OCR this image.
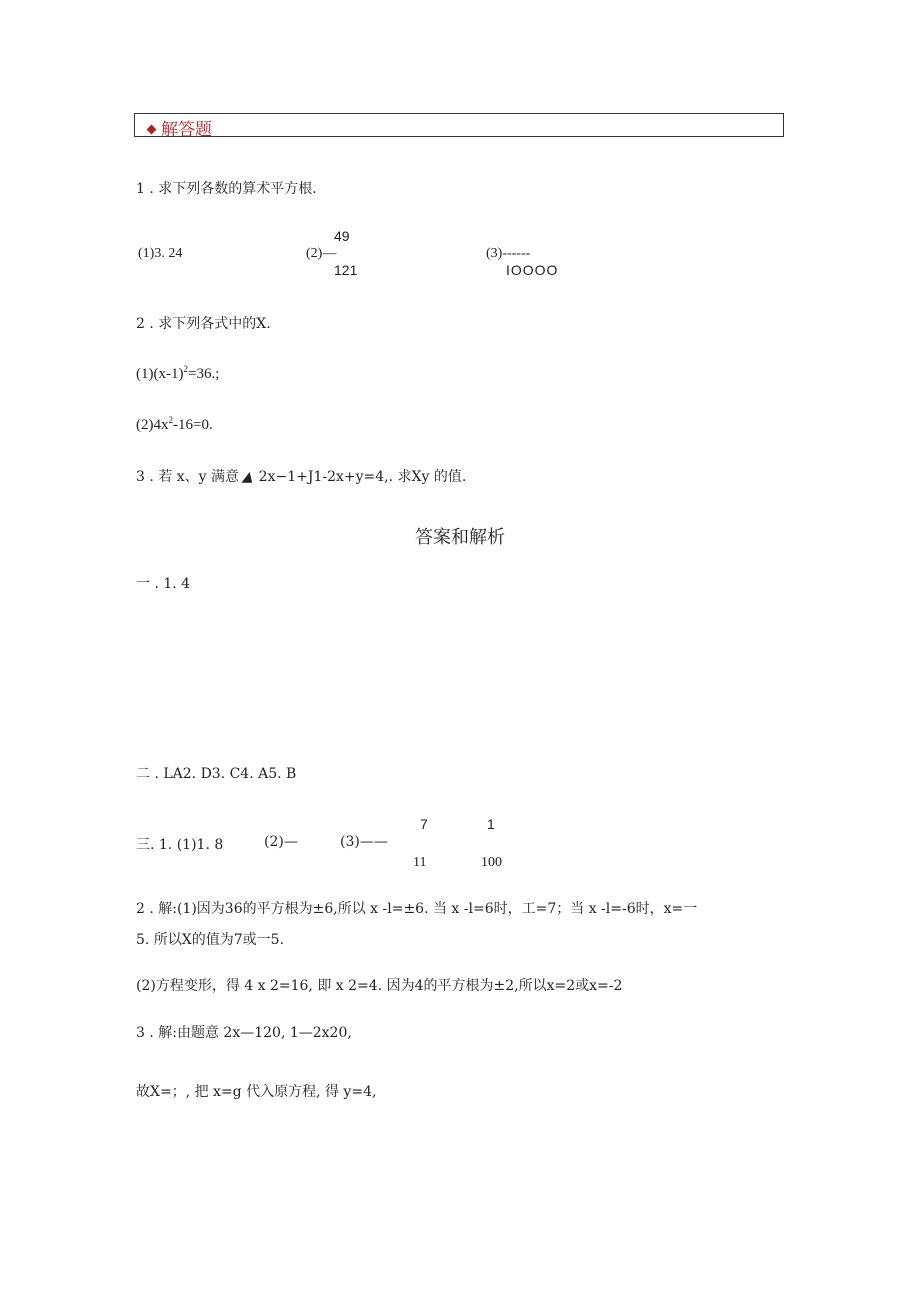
解答题
1 . 求下列各数的算术平方根.
(1)3. 24	(2)—
49
121
(3)------
IOOOO
2 . 求下列各式中的X.
$(1)(x-1)^2=36$.;
$(2)4x^2-16=0$.
3 . 若 x、y 满意 ▲ 2x−1+J1-2x+y=4,. 求Xy 的值.
答案和解析
一 . 1. 4
二 . LA2. D3. C4. A5. B
三. 1. (1)1. 8	(2)—	(3)——
7	1
11	100
2 . 解:(1)因为36的平方根为±6,所以 x -l=±6. 当 x -l=6时，工=7；当 x -l=-6时，x=一
5. 所以X的值为7或一5.
(2)方程变形，得 4 x 2=16, 即 x 2=4. 因为4的平方根为±2,所以x=2或x=-2
3 . 解:由题意 2x—120, 1—2x20,
故X=；, 把 x=g 代入原方程, 得 y=4,
